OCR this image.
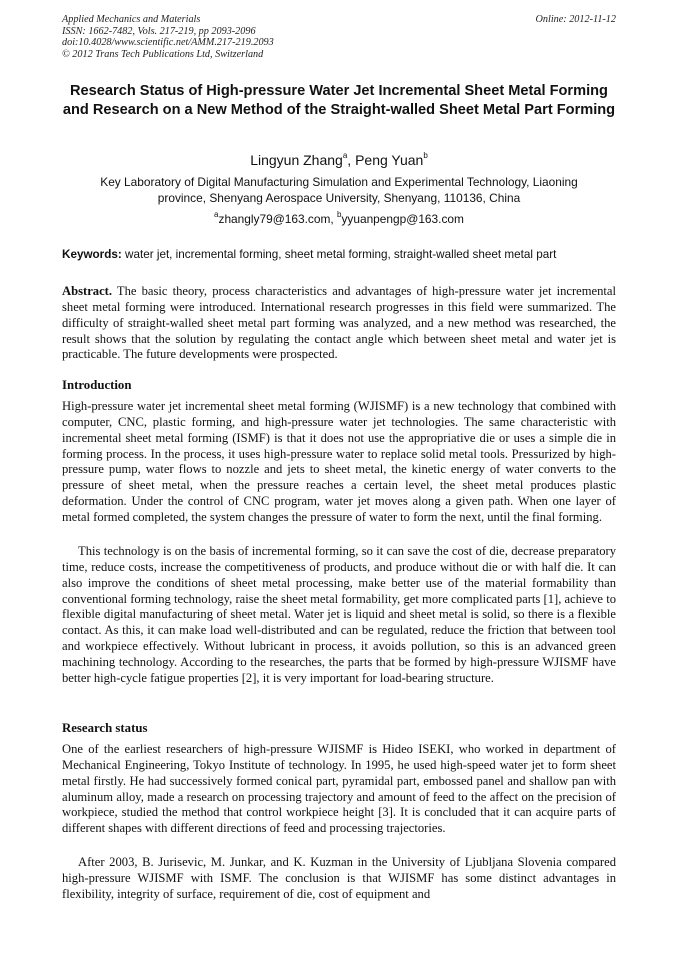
Applied Mechanics and Materials
ISSN: 1662-7482, Vols. 217-219, pp 2093-2096
doi:10.4028/www.scientific.net/AMM.217-219.2093
© 2012 Trans Tech Publications Ltd, Switzerland
Online: 2012-11-12
Research Status of High-pressure Water Jet Incremental Sheet Metal Forming and Research on a New Method of the Straight-walled Sheet Metal Part Forming
Lingyun Zhang$^a$, Peng Yuan$^b$
Key Laboratory of Digital Manufacturing Simulation and Experimental Technology, Liaoning province, Shenyang Aerospace University, Shenyang, 110136, China
$^a$zhangly79@163.com, $^b$yyuanpengp@163.com
Keywords: water jet, incremental forming, sheet metal forming, straight-walled sheet metal part

Abstract. The basic theory, process characteristics and advantages of high-pressure water jet incremental sheet metal forming were introduced. International research progresses in this field were summarized. The difficulty of straight-walled sheet metal part forming was analyzed, and a new method was researched, the result shows that the solution by regulating the contact angle which between sheet metal and water jet is practicable. The future developments were prospected.

Introduction

High-pressure water jet incremental sheet metal forming (WJISMF) is a new technology that combined with computer, CNC, plastic forming, and high-pressure water jet technologies. The same characteristic with incremental sheet metal forming (ISMF) is that it does not use the appropriative die or uses a simple die in forming process. In the process, it uses high-pressure water to replace solid metal tools. Pressurized by high-pressure pump, water flows to nozzle and jets to sheet metal, the kinetic energy of water converts to the pressure of sheet metal, when the pressure reaches a certain level, the sheet metal produces plastic deformation. Under the control of CNC program, water jet moves along a given path. When one layer of metal formed completed, the system changes the pressure of water to form the next, until the final forming.

This technology is on the basis of incremental forming, so it can save the cost of die, decrease preparatory time, reduce costs, increase the competitiveness of products, and produce without die or with half die. It can also improve the conditions of sheet metal processing, make better use of the material formability than conventional forming technology, raise the sheet metal formability, get more complicated parts [1], achieve to flexible digital manufacturing of sheet metal. Water jet is liquid and sheet metal is solid, so there is a flexible contact. As this, it can make load well-distributed and can be regulated, reduce the friction that between tool and workpiece effectively. Without lubricant in process, it avoids pollution, so this is an advanced green machining technology. According to the researches, the parts that be formed by high-pressure WJISMF have better high-cycle fatigue properties [2], it is very important for load-bearing structure.

Research status

One of the earliest researchers of high-pressure WJISMF is Hideo ISEKI, who worked in department of Mechanical Engineering, Tokyo Institute of technology. In 1995, he used high-speed water jet to form sheet metal firstly. He had successively formed conical part, pyramidal part, embossed panel and shallow pan with aluminum alloy, made a research on processing trajectory and amount of feed to the affect on the precision of workpiece, studied the method that control workpiece height [3]. It is concluded that it can acquire parts of different shapes with different directions of feed and processing trajectories.

After 2003, B. Jurisevic, M. Junkar, and K. Kuzman in the University of Ljubljana Slovenia compared high-pressure WJISMF with ISMF. The conclusion is that WJISMF has some distinct advantages in flexibility, integrity of surface, requirement of die, cost of equipment and
